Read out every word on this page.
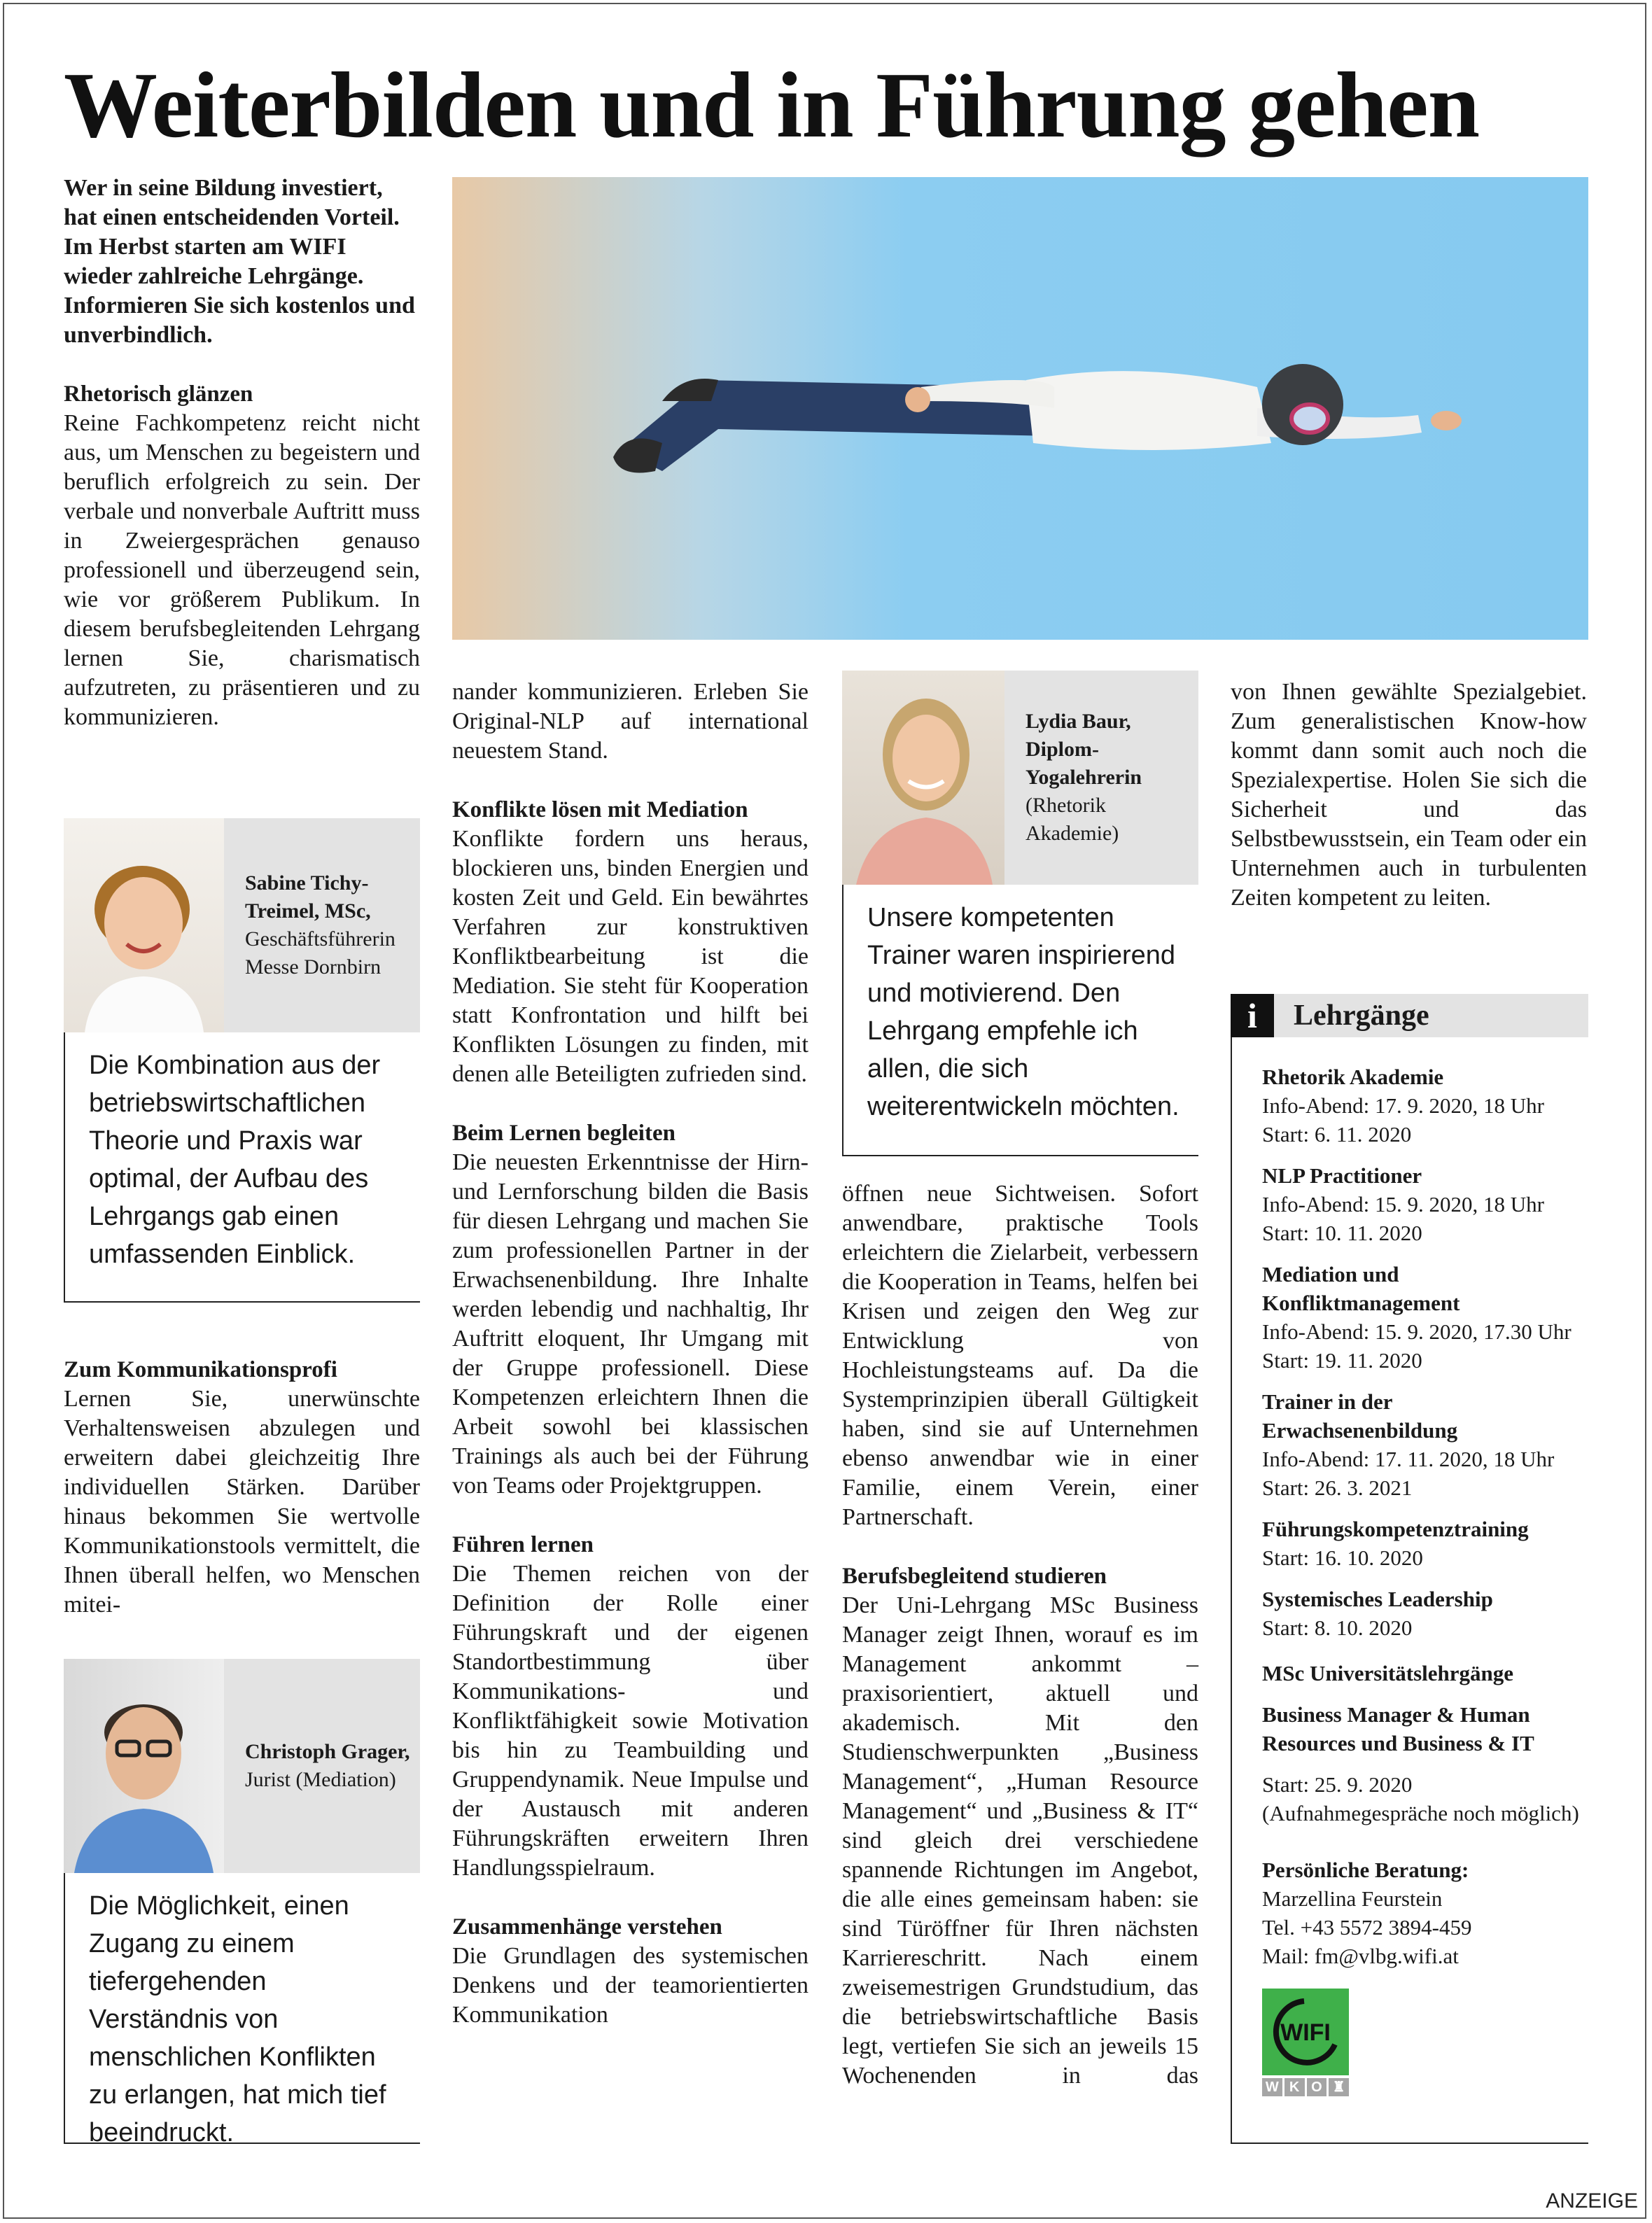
Weiterbilden und in Führung gehen

Wer in seine Bildung investiert, hat einen entscheidenden Vorteil. Im Herbst starten am WIFI wieder zahlreiche Lehrgänge. Informieren Sie sich kostenlos und unverbindlich.

Rhetorisch glänzen

Reine Fachkompetenz reicht nicht aus, um Menschen zu begeistern und beruflich erfolgreich zu sein. Der verbale und nonverbale Auftritt muss in Zweiergesprächen genauso professionell und überzeugend sein, wie vor größerem Publikum. In diesem berufsbegleitenden Lehrgang lernen Sie, charismatisch aufzutreten, zu präsentieren und zu kommunizieren.

Sabine Tichy-Treimel, MSc,
Geschäftsführerin Messe Dornbirn
Die Kombination aus der betriebswirtschaftlichen Theorie und Praxis war optimal, der Aufbau des Lehrgangs gab einen umfassenden Einblick.
Zum Kommunikationsprofi

Lernen Sie, unerwünschte Verhaltensweisen abzulegen und erweitern dabei gleichzeitig Ihre individuellen Stärken. Darüber hinaus bekommen Sie wertvolle Kommunikationstools vermittelt, die Ihnen überall helfen, wo Menschen mitei-

Christoph Grager,
Jurist (Mediation)
Die Möglichkeit, einen Zugang zu einem tiefergehenden Verständnis von menschlichen Konflikten zu erlangen, hat mich tief beeindruckt.

nander kommunizieren. Erleben Sie Original-NLP auf international neuestem Stand.

Konflikte lösen mit Mediation

Konflikte fordern uns heraus, blockieren uns, binden Energien und kosten Zeit und Geld. Ein bewährtes Verfahren zur konstruktiven Konfliktbearbeitung ist die Mediation. Sie steht für Kooperation statt Konfrontation und hilft bei Konflikten Lösungen zu finden, mit denen alle Beteiligten zufrieden sind.

Beim Lernen begleiten

Die neuesten Erkenntnisse der Hirn- und Lernforschung bilden die Basis für diesen Lehrgang und machen Sie zum professionellen Partner in der Erwachsenenbildung. Ihre Inhalte werden lebendig und nachhaltig, Ihr Auftritt eloquent, Ihr Umgang mit der Gruppe professionell. Diese Kompetenzen erleichtern Ihnen die Arbeit sowohl bei klassischen Trainings als auch bei der Führung von Teams oder Projektgruppen.

Führen lernen

Die Themen reichen von der Definition der Rolle einer Führungskraft und der eigenen Standortbestimmung über Kommunikations- und Konfliktfähigkeit sowie Motivation bis hin zu Teambuilding und Gruppendynamik. Neue Impulse und der Austausch mit anderen Führungskräften erweitern Ihren Handlungsspielraum.

Zusammenhänge verstehen

Die Grundlagen des systemischen Denkens und der teamorientierten Kommunikation

Lydia Baur, Diplom-Yogalehrerin
(Rhetorik Akademie)
Unsere kompetenten Trainer waren inspirierend und motivierend. Den Lehrgang empfehle ich allen, die sich weiterentwickeln möchten.

öffnen neue Sichtweisen. Sofort anwendbare, praktische Tools erleichtern die Zielarbeit, verbessern die Kooperation in Teams, helfen bei Krisen und zeigen den Weg zur Entwicklung von Hochleistungsteams auf. Da die Systemprinzipien überall Gültigkeit haben, sind sie auf Unternehmen ebenso anwendbar wie in einer Familie, einem Verein, einer Partnerschaft.

Berufsbegleitend studieren

Der Uni-Lehrgang MSc Business Manager zeigt Ihnen, worauf es im Management ankommt – praxisorientiert, aktuell und akademisch. Mit den Studienschwerpunkten „Business Management“, „Human Resource Management“ und „Business & IT“ sind gleich drei verschiedene spannende Richtungen im Angebot, die alle eines gemeinsam haben: sie sind Türöffner für Ihren nächsten Karriereschritt. Nach einem zweisemestrigen Grundstudium, das die betriebswirtschaftliche Basis legt, vertiefen Sie sich an jeweils 15 Wochenenden in das

von Ihnen gewählte Spezialgebiet. Zum generalistischen Know-how kommt dann somit auch noch die Spezialexpertise. Holen Sie sich die Sicherheit und das Selbstbewusstsein, ein Team oder ein Unternehmen auch in turbulenten Zeiten kompetent zu leiten.

i	Lehrgänge
Rhetorik Akademie
Info-Abend: 17. 9. 2020, 18 Uhr
Start: 6. 11. 2020
NLP Practitioner
Info-Abend: 15. 9. 2020, 18 Uhr
Start: 10. 11. 2020
Mediation und Konfliktmanagement
Info-Abend: 15. 9. 2020, 17.30 Uhr
Start: 19. 11. 2020
Trainer in der Erwachsenenbildung
Info-Abend: 17. 11. 2020, 18 Uhr
Start: 26. 3. 2021
Führungskompetenztraining
Start: 16. 10. 2020
Systemisches Leadership
Start: 8. 10. 2020
MSc Universitätslehrgänge
Business Manager & Human Resources und Business & IT
Start: 25. 9. 2020 (Aufnahmegespräche noch möglich)
Persönliche Beratung:
Marzellina Feurstein
Tel. +43 5572 3894-459
Mail: fm@vlbg.wifi.at
WIFI
W K O ♜
ANZEIGE
